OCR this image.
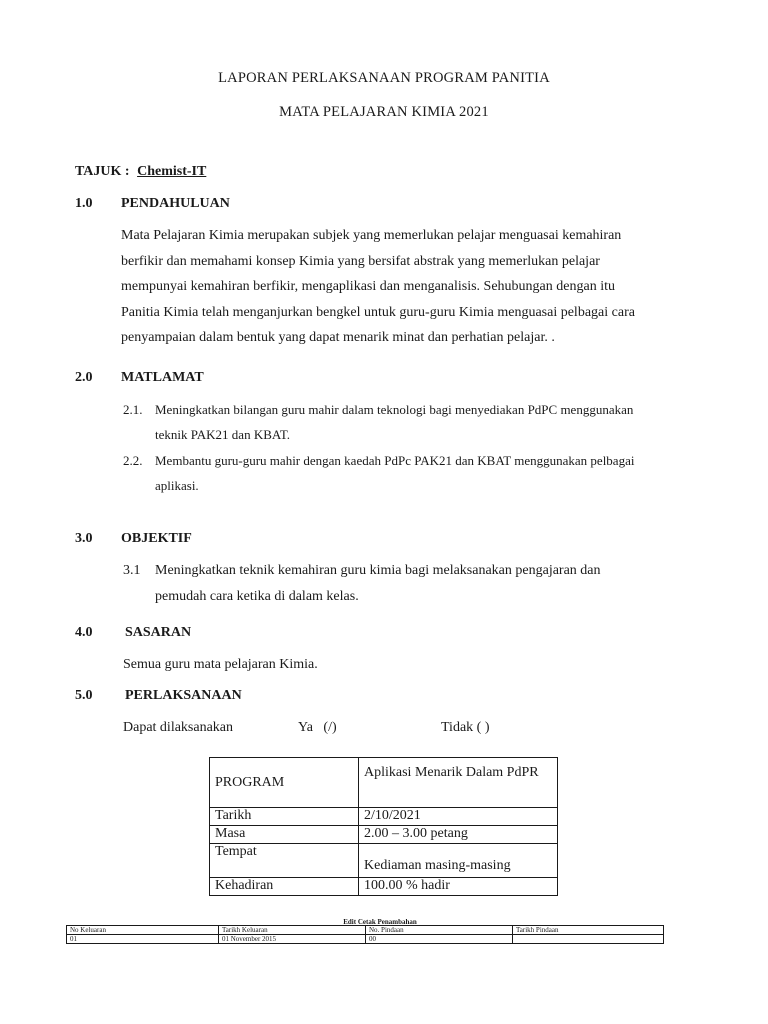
LAPORAN PERLAKSANAAN PROGRAM PANITIA
MATA PELAJARAN KIMIA 2021
TAJUK : Chemist-IT
1.0 PENDAHULUAN
Mata Pelajaran Kimia merupakan subjek yang memerlukan pelajar menguasai kemahiran
berfikir dan memahami konsep Kimia yang bersifat abstrak yang memerlukan pelajar
mempunyai kemahiran berfikir, mengaplikasi dan menganalisis. Sehubungan dengan itu
Panitia Kimia telah menganjurkan bengkel untuk guru-guru Kimia menguasai pelbagai cara
penyampaian dalam bentuk yang dapat menarik minat dan perhatian pelajar. .
2.0 MATLAMAT
2.1. Meningkatkan bilangan guru mahir dalam teknologi bagi menyediakan PdPC menggunakan
teknik PAK21 dan KBAT.
2.2. Membantu guru-guru mahir dengan kaedah PdPc PAK21 dan KBAT menggunakan pelbagai
aplikasi.
3.0 OBJEKTIF
3.1 Meningkatkan teknik kemahiran guru kimia bagi melaksanakan pengajaran dan
pemudah cara ketika di dalam kelas.
4.0 SASARAN
Semua guru mata pelajaran Kimia.
5.0 PERLAKSANAAN
Dapat dilaksanakan	Ya   (/)	Tidak ( )
PROGRAM	Aplikasi Menarik Dalam PdPR
Tarikh	2/10/2021
Masa	2.00 – 3.00 petang
Tempat	Kediaman masing-masing
Kehadiran	100.00 % hadir
Edit Cetak Penambahan
No Keluaran	Tarikh Keluaran	No. Pindaan	Tarikh Pindaan
01	01 November 2015	00	
